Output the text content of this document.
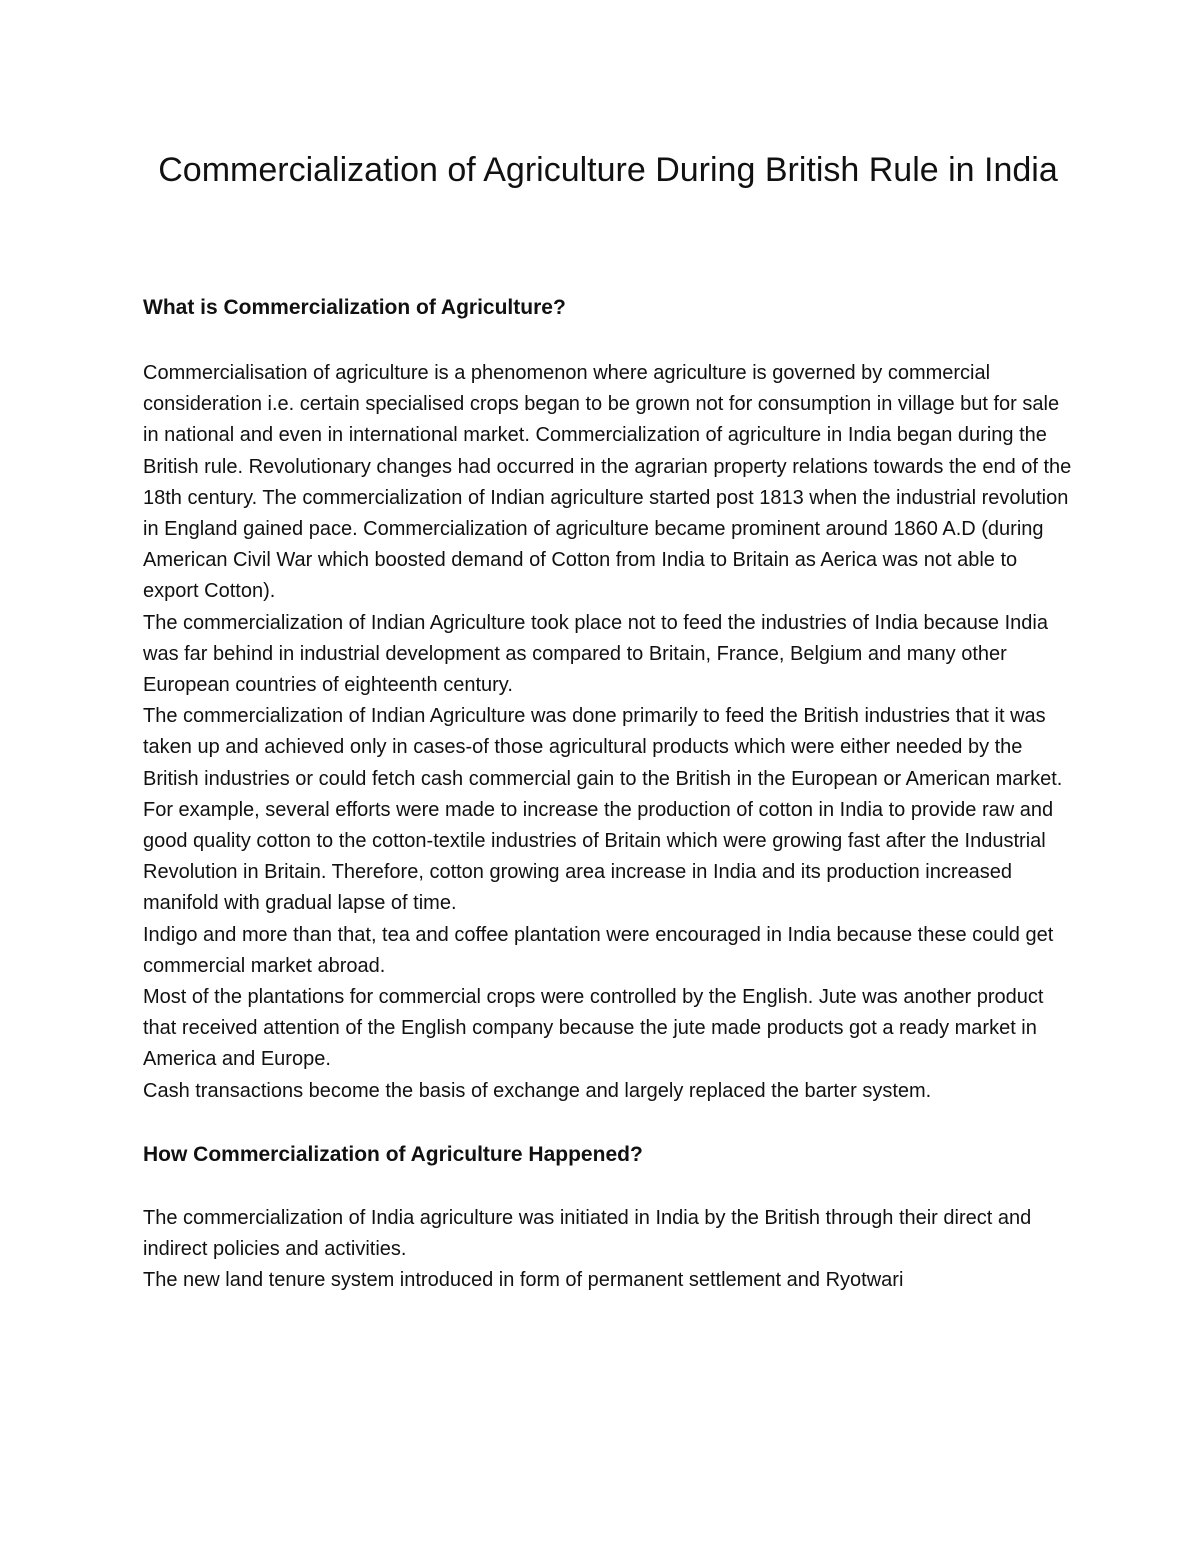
Commercialization of Agriculture During British Rule in India
What is Commercialization of Agriculture?

Commercialisation of agriculture is a phenomenon where agriculture is governed by commercial consideration i.e. certain specialised crops began to be grown not for consumption in village but for sale in national and even in international market. Commercialization of agriculture in India began during the British rule. Revolutionary changes had occurred in the agrarian property relations towards the end of the 18th century. The commercialization of Indian agriculture started post 1813 when the industrial revolution in England gained pace. Commercialization of agriculture became prominent around 1860 A.D (during American Civil War which boosted demand of Cotton from India to Britain as Aerica was not able to export Cotton).

The commercialization of Indian Agriculture took place not to feed the industries of India because India was far behind in industrial development as compared to Britain, France, Belgium and many other European countries of eighteenth century.

The commercialization of Indian Agriculture was done primarily to feed the British industries that it was taken up and achieved only in cases-of those agricultural products which were either needed by the British industries or could fetch cash commercial gain to the British in the European or American market.

For example, several efforts were made to increase the production of cotton in India to provide raw and good quality cotton to the cotton-textile industries of Britain which were growing fast after the Industrial Revolution in Britain. Therefore, cotton growing area increase in India and its production increased manifold with gradual lapse of time.

Indigo and more than that, tea and coffee plantation were encouraged in India because these could get commercial market abroad.

Most of the plantations for commercial crops were controlled by the English. Jute was another product that received attention of the English company because the jute made products got a ready market in America and Europe.

Cash transactions become the basis of exchange and largely replaced the barter system.

How Commercialization of Agriculture Happened?

The commercialization of India agriculture was initiated in India by the British through their direct and indirect policies and activities.

The new land tenure system introduced in form of permanent settlement and Ryotwari
